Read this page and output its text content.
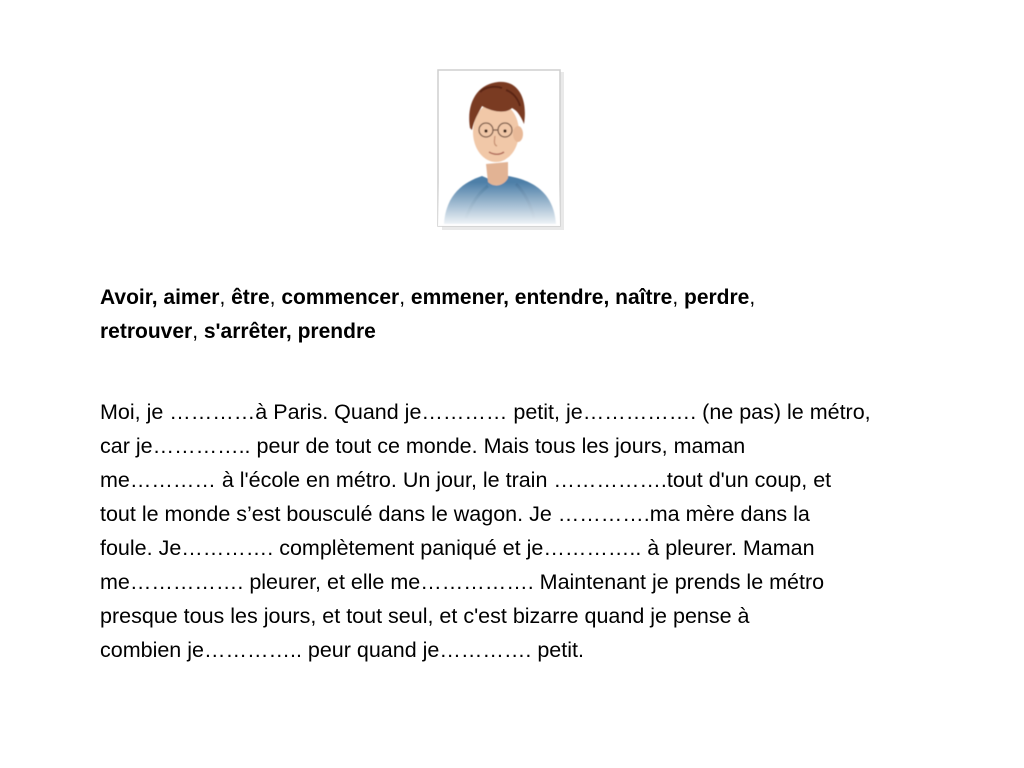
Avoir, aimer, être, commencer, emmener, entendre, naître, perdre,
retrouver, s'arrêter, prendre

Moi, je …………à Paris. Quand je………… petit, je……………. (ne pas) le métro,
car je………….. peur de tout ce monde. Mais tous les jours, maman
me………… à l'école en métro. Un jour, le train …………….tout d'un coup, et
tout le monde s’est bousculé dans le wagon. Je ………….ma mère dans la
foule. Je…………. complètement paniqué et je………….. à pleurer. Maman
me……………. pleurer, et elle me……………. Maintenant je prends le métro
presque tous les jours, et tout seul, et c'est bizarre quand je pense à
combien je………….. peur quand je…………. petit.
